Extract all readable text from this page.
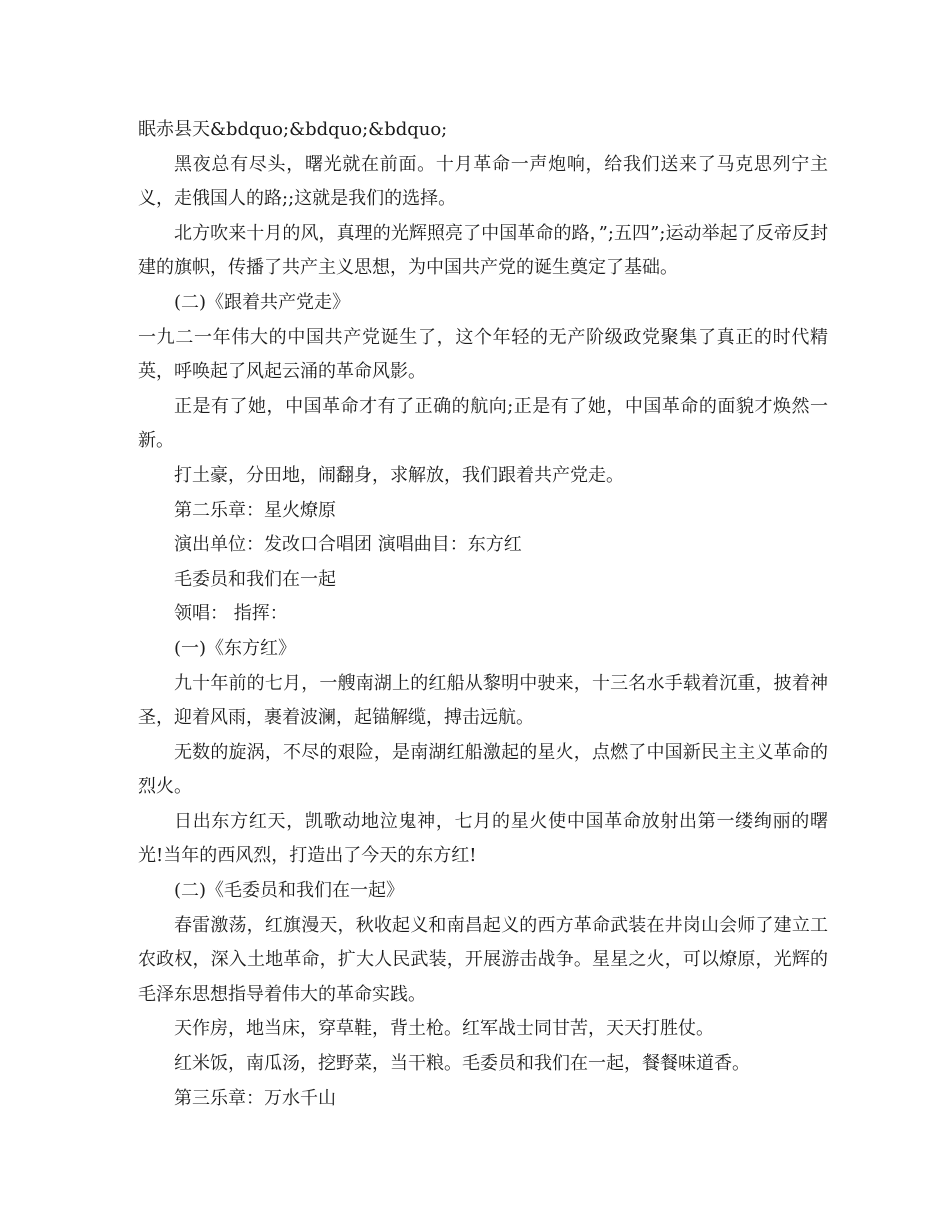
眠赤县天&bdquo;&bdquo;&bdquo;

黑夜总有尽头，曙光就在前面。十月革命一声炮响，给我们送来了马克思列宁主义，走俄国人的路;;这就是我们的选择。

北方吹来十月的风，真理的光辉照亮了中国革命的路，”;五四”;运动举起了反帝反封建的旗帜，传播了共产主义思想，为中国共产党的诞生奠定了基础。

(二)《跟着共产党走》

一九二一年伟大的中国共产党诞生了，这个年轻的无产阶级政党聚集了真正的时代精英，呼唤起了风起云涌的革命风影。

正是有了她，中国革命才有了正确的航向;正是有了她，中国革命的面貌才焕然一新。

打土豪，分田地，闹翻身，求解放，我们跟着共产党走。

第二乐章：星火燎原

演出单位：发改口合唱团 演唱曲目：东方红

毛委员和我们在一起

领唱： 指挥：

(一)《东方红》

九十年前的七月，一艘南湖上的红船从黎明中驶来，十三名水手载着沉重，披着神圣，迎着风雨，裹着波澜，起锚解缆，搏击远航。

无数的旋涡，不尽的艰险，是南湖红船激起的星火，点燃了中国新民主主义革命的烈火。

日出东方红天，凯歌动地泣鬼神，七月的星火使中国革命放射出第一缕绚丽的曙光!当年的西风烈，打造出了今天的东方红!

(二)《毛委员和我们在一起》

春雷激荡，红旗漫天，秋收起义和南昌起义的西方革命武装在井岗山会师了建立工农政权，深入土地革命，扩大人民武装，开展游击战争。星星之火，可以燎原，光辉的毛泽东思想指导着伟大的革命实践。

天作房，地当床，穿草鞋，背土枪。红军战士同甘苦，天天打胜仗。

红米饭，南瓜汤，挖野菜，当干粮。毛委员和我们在一起，餐餐味道香。

第三乐章：万水千山
